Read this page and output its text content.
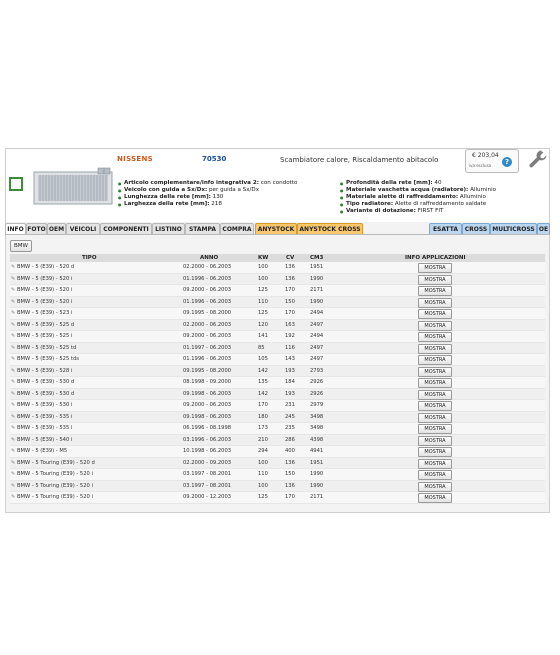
NISSENS	70530	Scambiatore calore, Riscaldamento abitacolo
€ 203,04
iva esclusa	?
● Articolo complementare/info integrativa 2: con condotto
● Veicolo con guida a Sx/Dx: per guida a Sx/Dx
● Lunghezza della rete [mm]: 130
● Larghezza della rete [mm]: 218
● Profondità della rete [mm]: 40
● Materiale vaschetta acqua (radiatore): Alluminio
● Materiale alette di raffreddamento: Alluminio
● Tipo radiatore: Alette di raffreddamento saldate
● Variante di dotazione: FIRST FIT
INFO FOTO OEM VEICOLI	COMPONENTI	LISTINO	STAMPA	COMPRA	ANYSTOCK ANYSTOCK CROSS	ESATTA	CROSS MULTICROSS OE
BMW
TIPO	ANNO	KW	CV	CM3	INFO APPLICAZIONI
✎ BMW - 5 (E39) - 520 d	02.2000 - 06.2003	100	136	1951	MOSTRA
✎ BMW - 5 (E39) - 520 i	01.1996 - 06.2003	100	136	1990	MOSTRA
✎ BMW - 5 (E39) - 520 i	09.2000 - 06.2003	125	170	2171	MOSTRA
✎ BMW - 5 (E39) - 520 i	01.1996 - 06.2003	110	150	1990	MOSTRA
✎ BMW - 5 (E39) - 523 i	09.1995 - 08.2000	125	170	2494	MOSTRA
✎ BMW - 5 (E39) - 525 d	02.2000 - 06.2003	120	163	2497	MOSTRA
✎ BMW - 5 (E39) - 525 i	09.2000 - 06.2003	141	192	2494	MOSTRA
✎ BMW - 5 (E39) - 525 td	01.1997 - 06.2003	85	116	2497	MOSTRA
✎ BMW - 5 (E39) - 525 tds	01.1996 - 06.2003	105	143	2497	MOSTRA
✎ BMW - 5 (E39) - 528 i	09.1995 - 08.2000	142	193	2793	MOSTRA
✎ BMW - 5 (E39) - 530 d	08.1998 - 09.2000	135	184	2926	MOSTRA
✎ BMW - 5 (E39) - 530 d	09.1998 - 06.2003	142	193	2926	MOSTRA
✎ BMW - 5 (E39) - 530 i	09.2000 - 06.2003	170	231	2979	MOSTRA
✎ BMW - 5 (E39) - 535 i	09.1998 - 06.2003	180	245	3498	MOSTRA
✎ BMW - 5 (E39) - 535 i	06.1996 - 08.1998	173	235	3498	MOSTRA
✎ BMW - 5 (E39) - 540 i	03.1996 - 06.2003	210	286	4398	MOSTRA
✎ BMW - 5 (E39) - M5	10.1998 - 06.2003	294	400	4941	MOSTRA
✎ BMW - 5 Touring (E39) - 520 d	02.2000 - 09.2003	100	136	1951	MOSTRA
✎ BMW - 5 Touring (E39) - 520 i	03.1997 - 08.2001	110	150	1990	MOSTRA
✎ BMW - 5 Touring (E39) - 520 i	03.1997 - 08.2001	100	136	1990	MOSTRA
✎ BMW - 5 Touring (E39) - 520 i	09.2000 - 12.2003	125	170	2171	MOSTRA
